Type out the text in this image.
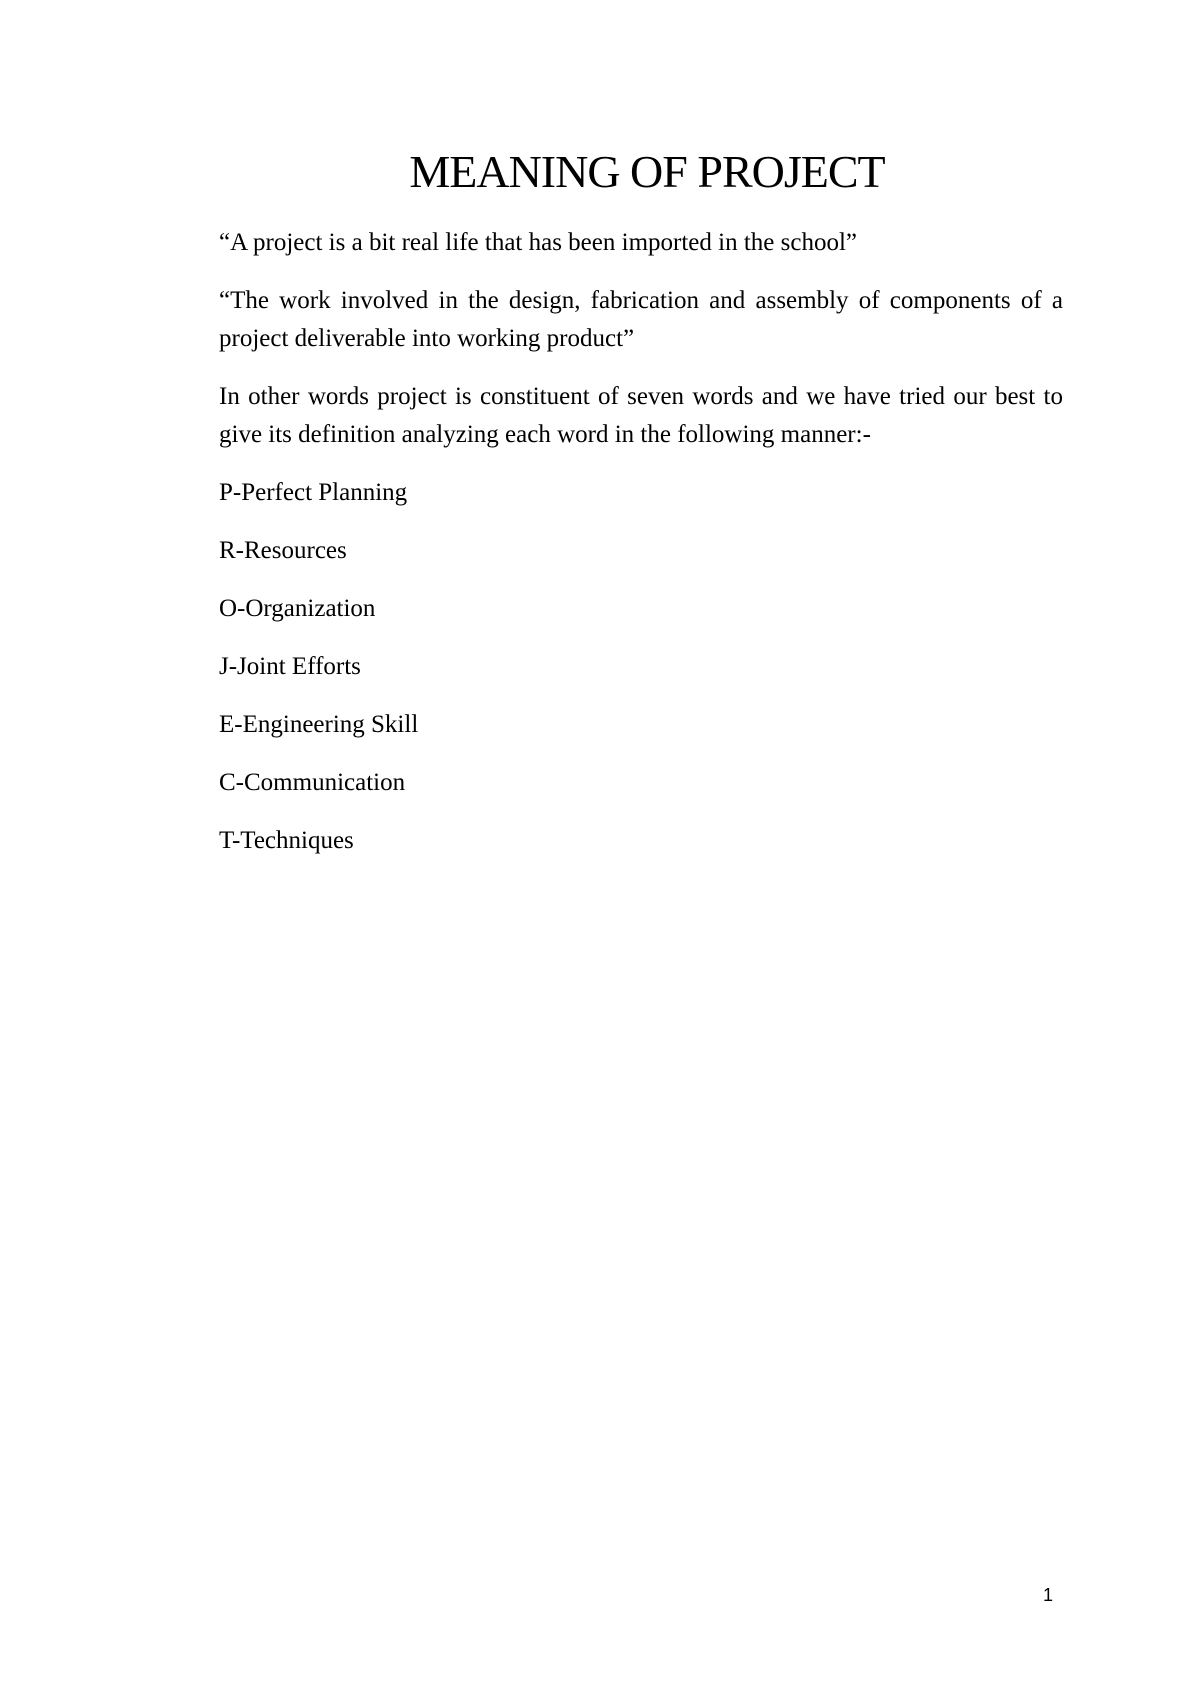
MEANING OF PROJECT

“A project is a bit real life that has been imported in the school”

“The work involved in the design, fabrication and assembly of components of a project deliverable into working product”

In other words project is constituent of seven words and we have tried our best to give its definition analyzing each word in the following manner:-

P-Perfect Planning
R-Resources
O-Organization
J-Joint Efforts
E-Engineering Skill
C-Communication
T-Techniques
1
